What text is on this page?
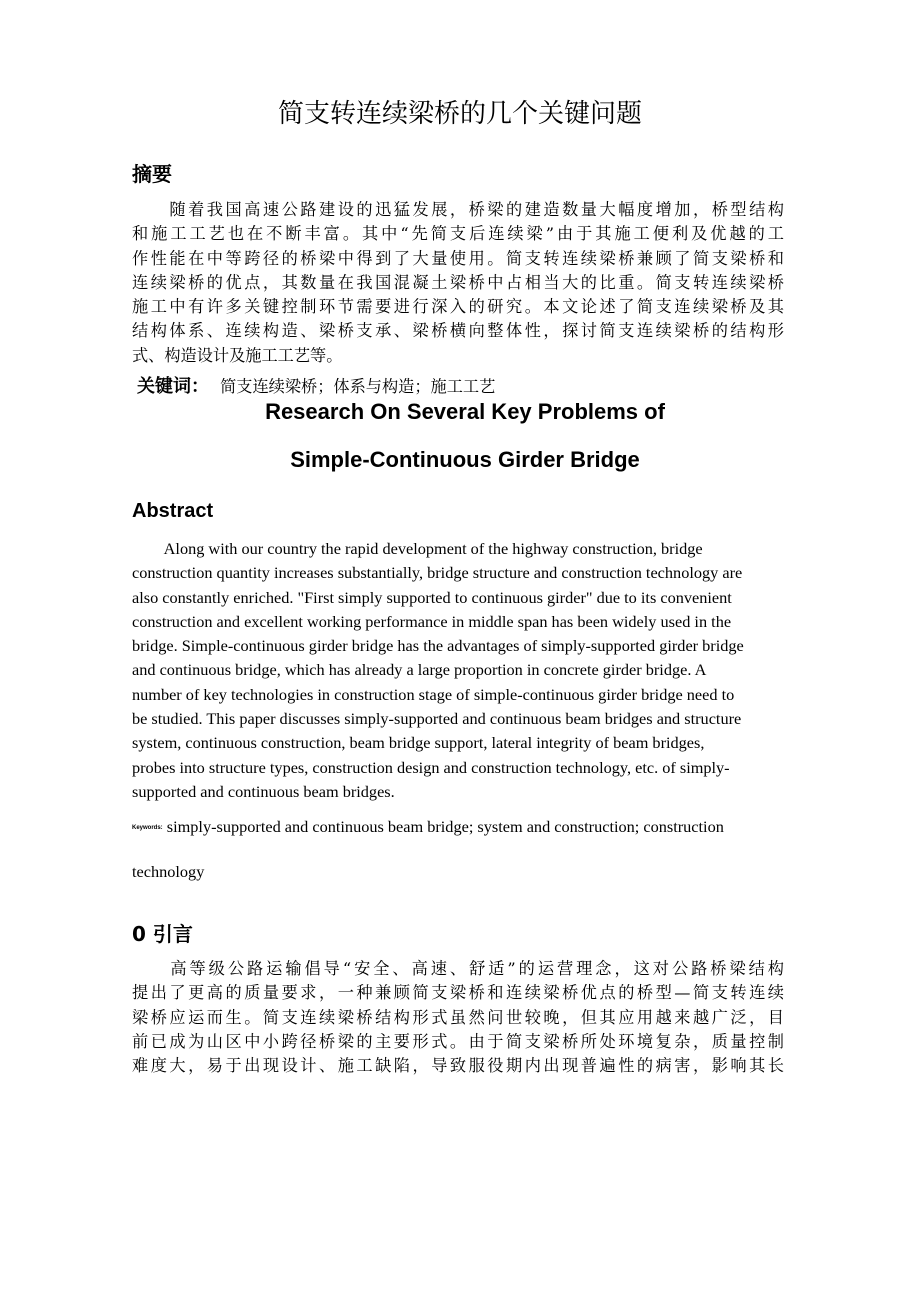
简支转连续梁桥的几个关键问题
摘要
　　随着我国高速公路建设的迅猛发展，桥梁的建造数量大幅度增加，桥型结构
和施工工艺也在不断丰富。其中“先简支后连续梁”由于其施工便利及优越的工
作性能在中等跨径的桥梁中得到了大量使用。简支转连续梁桥兼顾了简支梁桥和
连续梁桥的优点，其数量在我国混凝土梁桥中占相当大的比重。简支转连续梁桥
施工中有许多关键控制环节需要进行深入的研究。本文论述了简支连续梁桥及其
结构体系、连续构造、梁桥支承、梁桥横向整体性，探讨简支连续梁桥的结构形
式、构造设计及施工工艺等。
关键词： 简支连续梁桥；体系与构造；施工工艺
Research On Several Key Problems of
Simple-Continuous Girder Bridge
Abstract
Along with our country the rapid development of the highway construction, bridge
construction quantity increases substantially, bridge structure and construction technology are
also constantly enriched. "First simply supported to continuous girder" due to its convenient
construction and excellent working performance in middle span has been widely used in the
bridge. Simple-continuous girder bridge has the advantages of simply-supported girder bridge
and continuous bridge, which has already a large proportion in concrete girder bridge. A
number of key technologies in construction stage of simple-continuous girder bridge need to
be studied. This paper discusses simply-supported and continuous beam bridges and structure
system, continuous construction, beam bridge support, lateral integrity of beam bridges,
probes into structure types, construction design and construction technology, etc. of simply-
supported and continuous beam bridges.
Keywords: simply-supported and continuous beam bridge; system and construction; construction
technology
0 引言
　　高等级公路运输倡导“安全、高速、舒适”的运营理念，这对公路桥梁结构
提出了更高的质量要求，一种兼顾简支梁桥和连续梁桥优点的桥型—简支转连续
梁桥应运而生。简支连续梁桥结构形式虽然问世较晚，但其应用越来越广泛，目
前已成为山区中小跨径桥梁的主要形式。由于简支梁桥所处环境复杂，质量控制
难度大，易于出现设计、施工缺陷，导致服役期内出现普遍性的病害，影响其长
